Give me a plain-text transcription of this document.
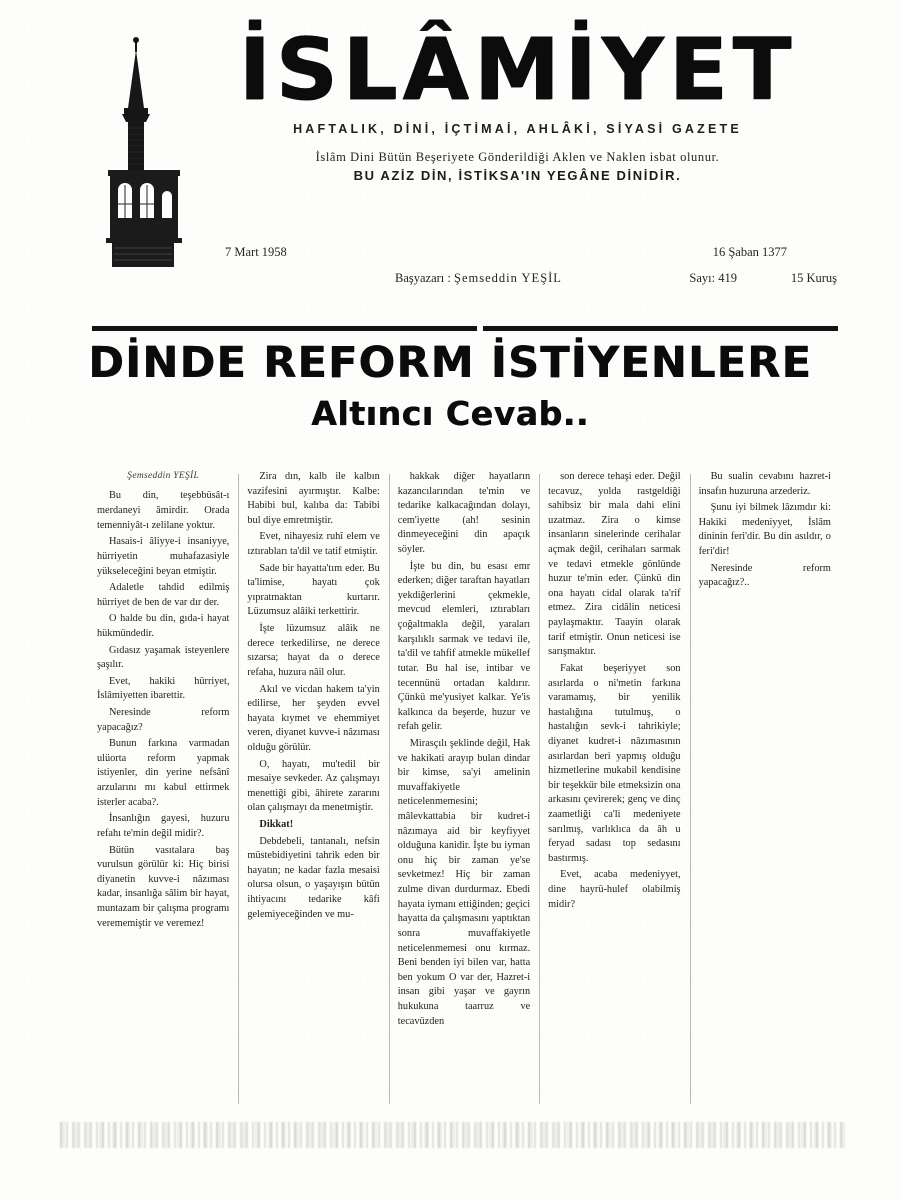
İSLÂMİYET
HAFTALIK, DİNİ, İÇTİMAİ, AHLÂKİ, SİYASİ GAZETE
İslâm Dini Bütün Beşeriyete Gönderildiği Aklen ve Naklen isbat olunur.
BU AZİZ DİN, İSTİKSA'IN YEGÂNE DİNİDİR.
7 Mart 1958	16 Şaban 1377
Başyazarı : Şemseddin YEŞİL	Sayı: 419	15 Kuruş
DİNDE REFORM İSTİYENLERE
Altıncı Cevab..
Şemseddin YEŞİL

Bu din, teşebbüsât-ı merdaneyi âmirdir. Orada temenniyât-ı zelilane yoktur.

Hasais-i âliyye-i insaniyye, hürriyetin muhafazasiyle yükseleceğini beyan etmiştir.

Adaletle tahdid edilmiş hürriyet de ben de var dır der.

O halde bu din, gıda-i hayat hükmündedir.

Gıdasız yaşamak isteyenlere şaşılır.

Evet, hakiki hürriyet, İslâmiyetten ibarettir.

Neresinde reform yapacağız?

Bunun farkına varmadan ulüorta reform yapmak istiyenler, din yerine nefsânî arzularını mı kabul ettirmek isterler acaba?.

İnsanlığın gayesi, huzuru refahı te'min değil midir?.

Bütün vasıtalara baş vurulsun görülür ki: Hiç birisi diyanetin kuvve-i nâzıması kadar, insanlığa sâlim bir hayat, muntazam bir çalışma programı verememiştir ve veremez!

Zira dın, kalb ile kalbın vazifesini ayırmıştır. Kalbe: Habibi bul, kalıba da: Tabibi bul diye emretmiştir.

Evet, nihayesiz ruhî elem ve ıztırabları ta'dil ve tatif etmiştir.

Sade bir hayatta'tım eder. Bu ta'limise, hayatı çok yıpratmaktan kurtarır. Lüzumsuz alâiki terkettirir.

İşte lüzumsuz alâik ne derece terkedilirse, ne derece sızarsa; hayat da o derece refaha, huzura nâil olur.

Akıl ve vicdan hakem ta'yin edilirse, her şeyden evvel hayata kıymet ve ehemmiyet veren, diyanet kuvve-i nâzıması olduğu görülür.

O, hayatı, mu'tedil bir mesaiye sevkeder. Az çalışmayı menettiği gibi, âhirete zararını olan çalışmayı da menetmiştir.

Dikkat!

Debdebeli, tantanalı, nefsin müstebidiyetini tahrik eden bir hayatın; ne kadar fazla mesaisi olursa olsun, o yaşayışın bütün ihtiyacını tedarike kâfi gelemiyeceğinden ve mu-

hakkak diğer hayatların kazancılarından te'min ve tedarike kalkacağından dolayı, cem'iyette (ah! sesinin dinmeyeceğini din apaçık söyler.

İşte bu din, bu esası emr ederken; diğer taraftan hayatları yekdiğerlerini çekmekle, mevcud elemleri, ıztırabları çoğaltmakla değil, yaraları karşılıklı sarmak ve tedavi ile, ta'dil ve tahfif atmekle mükellef tutar. Bu hal ise, intibar ve tecennünü ortadan kaldırır. Çünkü me'yusiyet kalkar. Ye'is kalkınca da beşerde, huzur ve refah gelir.

Mirasçılı şeklinde değil, Hak ve hakikati arayıp bulan dindar bir kimse, sa'yi amelinin muvaffakiyetle neticelenmemesini; mâlevkattabia bir kudret-i nâzımaya aid bir keyfiyyet olduğuna kanidir. İşte bu iyman onu hiç bir zaman ye'se sevketmez! Hiç bir zaman zulme divan durdurmaz. Ebedi hayata iymanı ettiğinden; geçici hayatta da çalışmasını yaptıktan sonra muvaffakiyetle neticelenmemesi onu kırmaz. Beni benden iyi bilen var, hatta ben yokum O var der, Hazret-i insan gibi yaşar ve gayrın hukukuna taarruz ve tecavüzden

son derece tehaşi eder. Değil tecavuz, yolda rastgeldiği sahibsiz bir mala dahi elini uzatmaz. Zira o kimse insanların sinelerinde cerihalar açmak değil, cerihaları sarmak ve tedavi etmekle gönlünde huzur te'min eder. Çünkü din ona hayatı cidal olarak ta'rif etmez. Zira cidâlin neticesi paylaşmaktır. Taayin olarak tarif etmiştir. Onun neticesi ise sarışmaktır.

Fakat beşeriyyet son asırlarda o ni'metin farkına varamamış, bir yenilik hastalığına tutulmuş, o hastalığın sevk-i tahrikiyle; diyanet kudret-i nâzımasının asırlardan beri yapmış olduğu hizmetlerine mukabil kendisine bir teşekkür bile etmeksizin ona arkasını çevirerek; genç ve dinç zaametliği ca'li medeniyete sarılmış, varlıklıca da âh u feryad sadası top sedasını bastırmış.

Evet, acaba medeniyyet, dine hayrü-hulef olabilmiş midir?

Bu sualin cevabını hazret-i insafın huzuruna arzederiz.

Şunu iyi bilmek lâzımdır ki: Hakiki medeniyyet, İslâm dininin feri'dir. Bu din asıldır, o feri'dir!

Neresinde reform yapacağız?..
